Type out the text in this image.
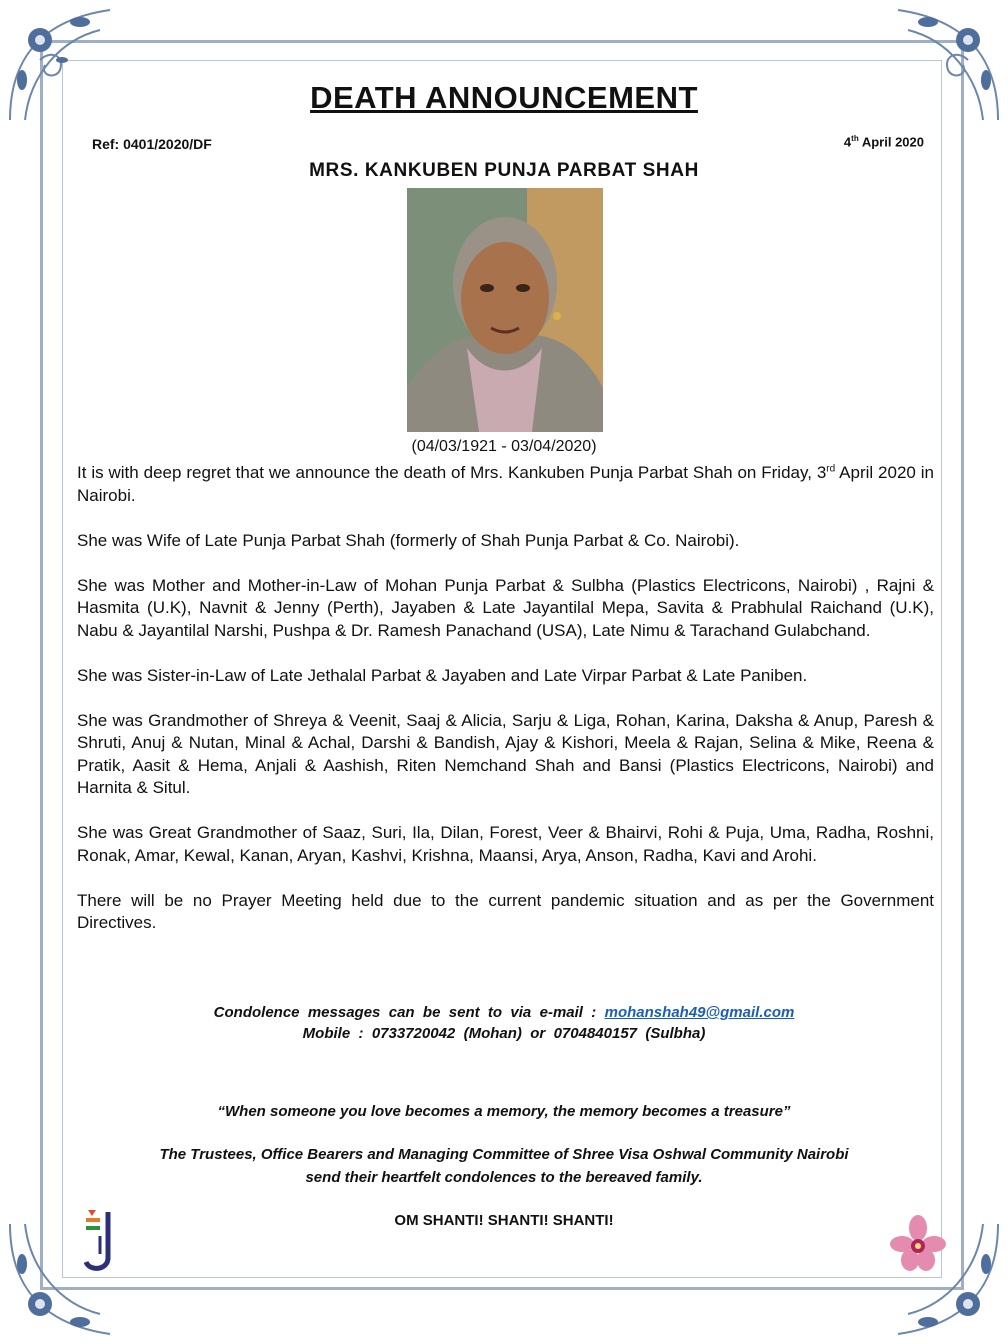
DEATH ANNOUNCEMENT
Ref: 0401/2020/DF	4th April 2020
MRS. KANKUBEN PUNJA PARBAT SHAH
(04/03/1921 - 03/04/2020)

It is with deep regret that we announce the death of Mrs. Kankuben Punja Parbat Shah on Friday, 3rd April 2020 in Nairobi.

She was Wife of Late Punja Parbat Shah (formerly of Shah Punja Parbat & Co. Nairobi).

She was Mother and Mother-in-Law of Mohan Punja Parbat & Sulbha (Plastics Electricons, Nairobi) , Rajni & Hasmita (U.K), Navnit & Jenny (Perth), Jayaben & Late Jayantilal Mepa, Savita & Prabhulal Raichand (U.K), Nabu & Jayantilal Narshi, Pushpa & Dr. Ramesh Panachand (USA), Late Nimu & Tarachand Gulabchand.

She was Sister-in-Law of Late Jethalal Parbat & Jayaben and Late Virpar Parbat & Late Paniben.

She was Grandmother of Shreya & Veenit, Saaj & Alicia, Sarju & Liga, Rohan, Karina, Daksha & Anup, Paresh & Shruti, Anuj & Nutan, Minal & Achal, Darshi & Bandish, Ajay & Kishori, Meela & Rajan, Selina & Mike, Reena & Pratik, Aasit & Hema, Anjali & Aashish, Riten Nemchand Shah and Bansi (Plastics Electricons, Nairobi) and Harnita & Situl.

She was Great Grandmother of Saaz, Suri, Ila, Dilan, Forest, Veer & Bhairvi, Rohi & Puja, Uma, Radha, Roshni, Ronak, Amar, Kewal, Kanan, Aryan, Kashvi, Krishna, Maansi, Arya, Anson, Radha, Kavi and Arohi.

There will be no Prayer Meeting held due to the current pandemic situation and as per the Government Directives.

Condolence  messages  can  be  sent  to  via  e-mail  :  mohanshah49@gmail.com
Mobile  :  0733720042  (Mohan)  or  0704840157  (Sulbha)
“When someone you love becomes a memory, the memory becomes a treasure”
The Trustees, Office Bearers and Managing Committee of Shree Visa Oshwal Community Nairobi
send their heartfelt condolences to the bereaved family.
OM SHANTI! SHANTI! SHANTI!
